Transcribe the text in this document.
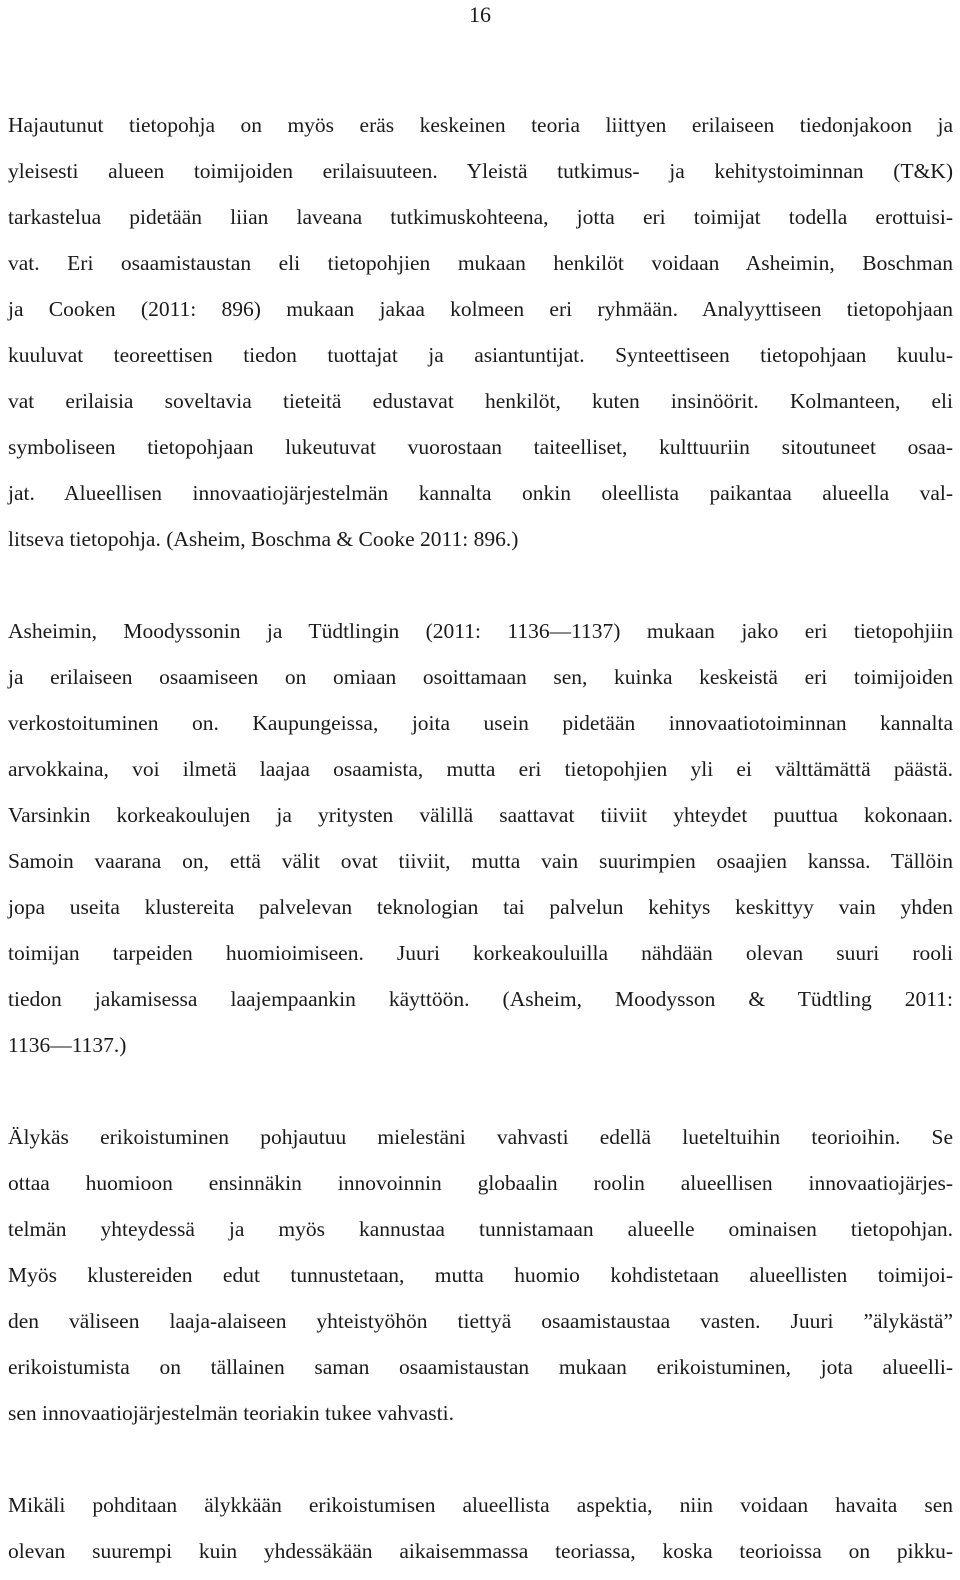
16

Hajautunut tietopohja on myös eräs keskeinen teoria liittyen erilaiseen tiedonjakoon ja
yleisesti alueen toimijoiden erilaisuuteen. Yleistä tutkimus- ja kehitystoiminnan (T&K)
tarkastelua pidetään liian laveana tutkimuskohteena, jotta eri toimijat todella erottuisi-
vat. Eri osaamistaustan eli tietopohjien mukaan henkilöt voidaan Asheimin, Boschman
ja Cooken (2011: 896) mukaan jakaa kolmeen eri ryhmään. Analyyttiseen tietopohjaan
kuuluvat teoreettisen tiedon tuottajat ja asiantuntijat. Synteettiseen tietopohjaan kuulu-
vat erilaisia soveltavia tieteitä edustavat henkilöt, kuten insinöörit. Kolmanteen, eli
symboliseen tietopohjaan lukeutuvat vuorostaan taiteelliset, kulttuuriin sitoutuneet osaa-
jat. Alueellisen innovaatiojärjestelmän kannalta onkin oleellista paikantaa alueella val-
litseva tietopohja. (Asheim, Boschma & Cooke 2011: 896.)

Asheimin, Moodyssonin ja Tüdtlingin (2011: 1136—1137) mukaan jako eri tietopohjiin
ja erilaiseen osaamiseen on omiaan osoittamaan sen, kuinka keskeistä eri toimijoiden
verkostoituminen on. Kaupungeissa, joita usein pidetään innovaatiotoiminnan kannalta
arvokkaina, voi ilmetä laajaa osaamista, mutta eri tietopohjien yli ei välttämättä päästä.
Varsinkin korkeakoulujen ja yritysten välillä saattavat tiiviit yhteydet puuttua kokonaan.
Samoin vaarana on, että välit ovat tiiviit, mutta vain suurimpien osaajien kanssa. Tällöin
jopa useita klustereita palvelevan teknologian tai palvelun kehitys keskittyy vain yhden
toimijan tarpeiden huomioimiseen. Juuri korkeakouluilla nähdään olevan suuri rooli
tiedon jakamisessa laajempaankin käyttöön. (Asheim, Moodysson & Tüdtling 2011:
1136—1137.)

Älykäs erikoistuminen pohjautuu mielestäni vahvasti edellä lueteltuihin teorioihin. Se
ottaa huomioon ensinnäkin innovoinnin globaalin roolin alueellisen innovaatiojärjes-
telmän yhteydessä ja myös kannustaa tunnistamaan alueelle ominaisen tietopohjan.
Myös klustereiden edut tunnustetaan, mutta huomio kohdistetaan alueellisten toimijoi-
den väliseen laaja-alaiseen yhteistyöhön tiettyä osaamistaustaa vasten. Juuri ”älykästä”
erikoistumista on tällainen saman osaamistaustan mukaan erikoistuminen, jota alueelli-
sen innovaatiojärjestelmän teoriakin tukee vahvasti.

Mikäli pohditaan älykkään erikoistumisen alueellista aspektia, niin voidaan havaita sen
olevan suurempi kuin yhdessäkään aikaisemmassa teoriassa, koska teorioissa on pikku-
